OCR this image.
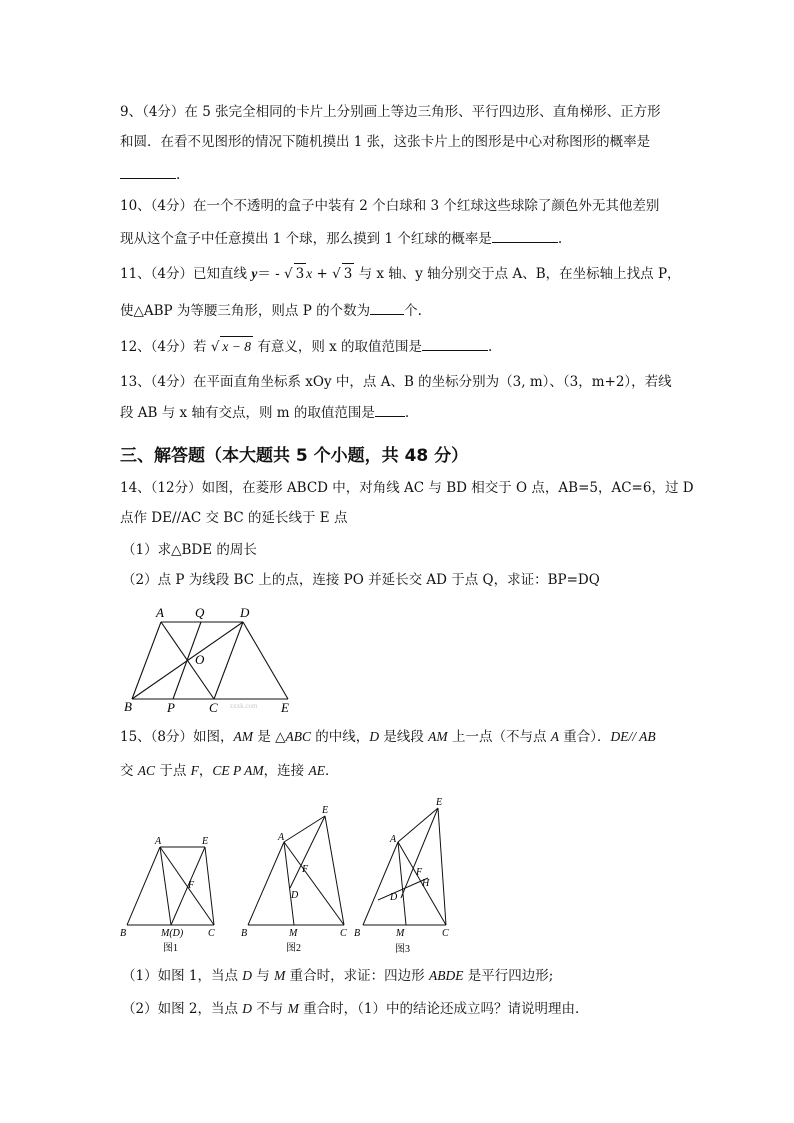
9、（4分）在 5 张完全相同的卡片上分别画上等边三角形、平行四边形、直角梯形、正方形
和圆．在看不见图形的情况下随机摸出 1 张，这张卡片上的图形是中心对称图形的概率是
.
10、（4分）在一个不透明的盒子中装有 2 个白球和 3 个红球这些球除了颜色外无其他差别
现从这个盒子中任意摸出 1 个球，那么摸到 1 个红球的概率是	.
11、（4分）已知直线 y＝ - √ 3 x + √ 3 与 x 轴、y 轴分别交于点 A、B，在坐标轴上找点 P，
使△ABP 为等腰三角形，则点 P 的个数为	个.
12、（4分）若 √ x − 8 有意义，则 x 的取值范围是	.
13、（4分）在平面直角坐标系 xOy 中，点 A、B 的坐标分别为（3, m）、（3，m+2），若线
段 AB 与 x 轴有交点，则 m 的取值范围是 .
三、解答题（本大题共 5 个小题，共 48 分）
14、（12分）如图，在菱形 ABCD 中，对角线 AC 与 BD 相交于 O 点，AB=5，AC=6，过 D
点作 DE//AC 交 BC 的延长线于 E 点
（1）求△BDE 的周长
（2）点 P 为线段 BC 上的点，连接 PO 并延长交 AD 于点 Q，求证：BP=DQ
A Q	D
O
B	P	C	E
zxxk.com
15、（8分）如图，AM 是 △ABC 的中线，D 是线段 AM 上一点（不与点 A 重合）．DE// AB
交 AC 于点 F，CE P AM，连接 AE．
A	E
F
B	M(D) C
图1
A
E
F
D
B	M	C
图2
A
E
F
H
D
B	M	C
图3
（1）如图 1，当点 D 与 M 重合时，求证：四边形 ABDE 是平行四边形;
（2）如图 2，当点 D 不与 M 重合时，（1）中的结论还成立吗？请说明理由．
